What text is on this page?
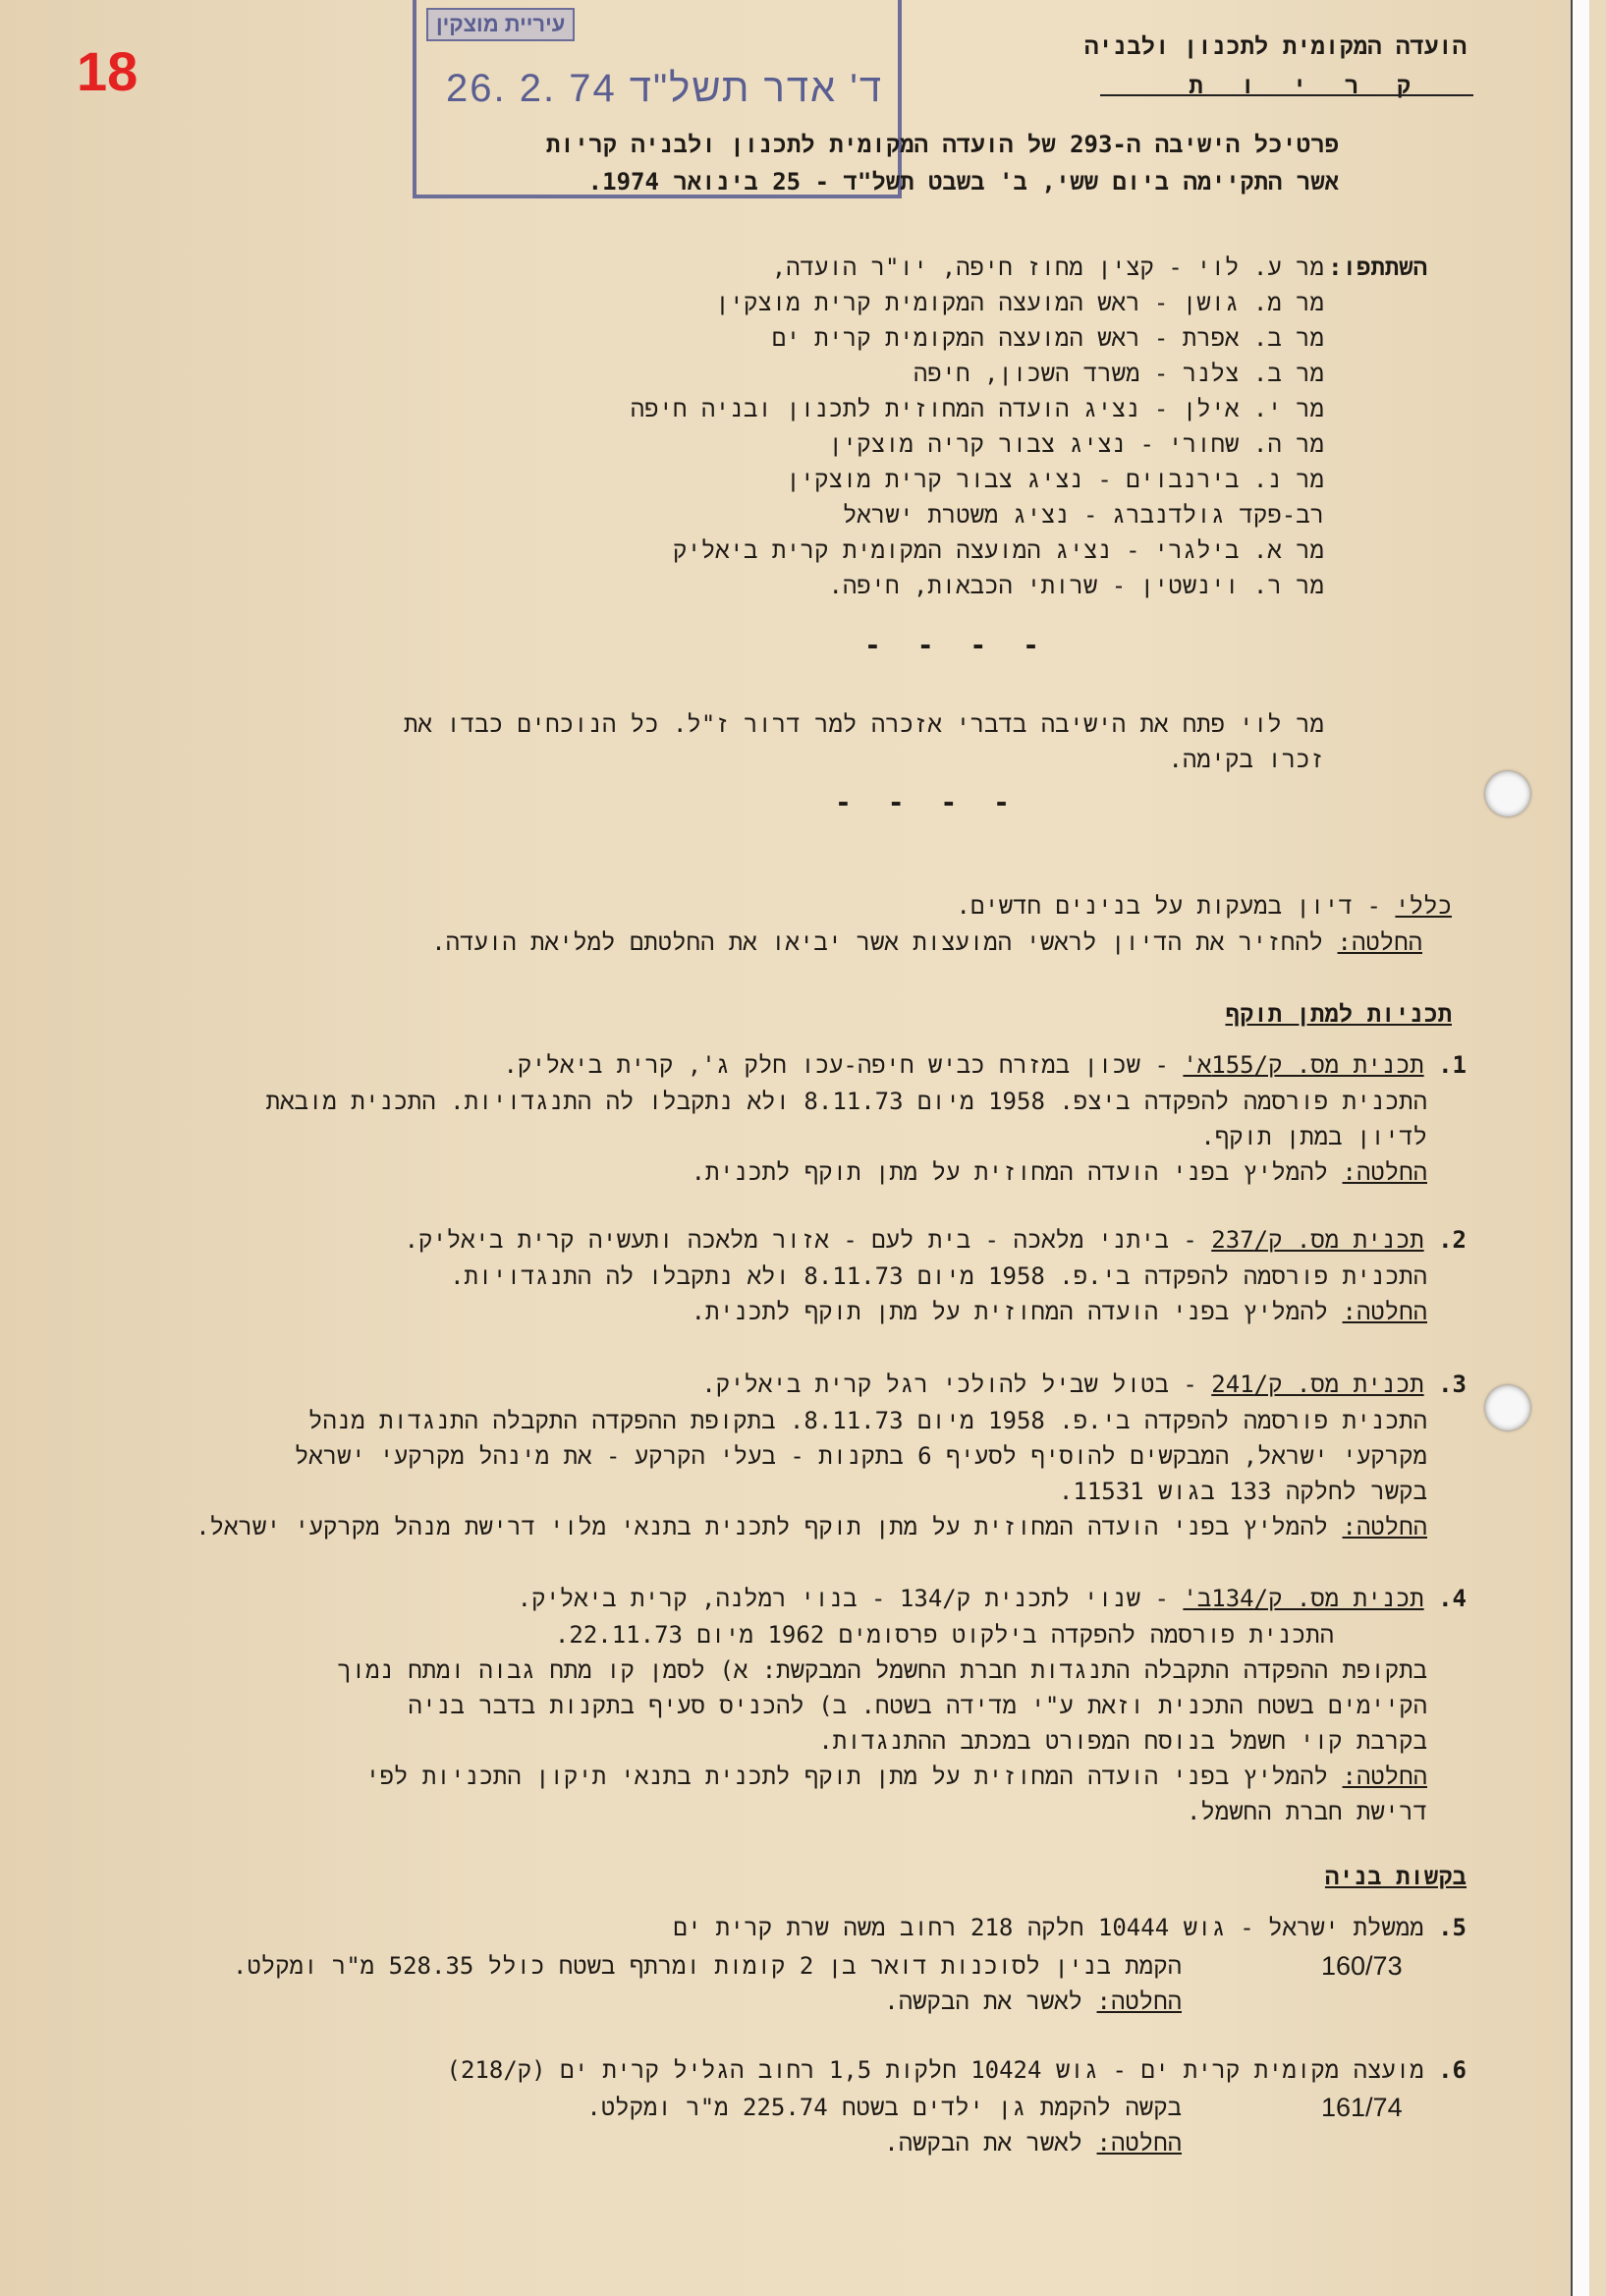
18
עיריית מוצקין
26. 2. 74 ד' אדר תשל"ד
הועדה המקומית לתכנון ולבניה
ק ר י ו ת
פרטיכל הישיבה ה-293 של הועדה המקומית לתכנון ולבניה קריות
אשר התקיימה ביום ששי, ב' בשבט תשל"ד - 25 בינואר 1974.
השתתפו:
מר ע. לוי - קצין מחוז חיפה, יו"ר הועדה,
מר מ. גושן - ראש המועצה המקומית קרית מוצקין
מר ב. אפרת - ראש המועצה המקומית קרית ים
מר ב. צלנר - משרד השכון, חיפה
מר י. אילן - נציג הועדה המחוזית לתכנון ובניה חיפה
מר ה. שחורי - נציג צבור קריה מוצקין
מר נ. בירנבוים - נציג צבור קרית מוצקין
רב-פקד גולדנברג - נציג משטרת ישראל
מר א. בילגרי - נציג המועצה המקומית קרית ביאליק
מר ר. וינשטין - שרותי הכבאות, חיפה.
- - - -
מר לוי פתח את הישיבה בדברי אזכרה למר דרור ז"ל. כל הנוכחים כבדו את
זכרו בקימה.
- - - -
כללי - דיון במעקות על בנינים חדשים.
החלטה: להחזיר את הדיון לראשי המועצות אשר יביאו את החלטתם למליאת הועדה.
תכניות למתן תוקף
1. תכנית מס. ק/155א' - שכון במזרח כביש חיפה-עכו חלק ג', קרית ביאליק.
התכנית פורסמה להפקדה ביצפ. 1958 מיום 8.11.73 ולא נתקבלו לה התנגדויות. התכנית מובאת
לדיון במתן תוקף.
החלטה: להמליץ בפני הועדה המחוזית על מתן תוקף לתכנית.
2. תכנית מס. ק/237 - ביתני מלאכה - בית לעם - אזור מלאכה ותעשיה קרית ביאליק.
התכנית פורסמה להפקדה בי.פ. 1958 מיום 8.11.73 ולא נתקבלו לה התנגדויות.
החלטה: להמליץ בפני הועדה המחוזית על מתן תוקף לתכנית.
3. תכנית מס. ק/241 - בטול שביל להולכי רגל קרית ביאליק.
התכנית פורסמה להפקדה בי.פ. 1958 מיום 8.11.73. בתקופת ההפקדה התקבלה התנגדות מנהל
מקרקעי ישראל, המבקשים להוסיף לסעיף 6 בתקנות - בעלי הקרקע - את מינהל מקרקעי ישראל
בקשר לחלקה 133 בגוש 11531.
החלטה: להמליץ בפני הועדה המחוזית על מתן תוקף לתכנית בתנאי מלוי דרישת מנהל מקרקעי ישראל.
4. תכנית מס. ק/134ב' - שנוי לתכנית ק/134 - בנוי רמלנה, קרית ביאליק.
התכנית פורסמה להפקדה בילקוט פרסומים 1962 מיום 22.11.73.
בתקופת ההפקדה התקבלה התנגדות חברת החשמל המבקשת: א) לסמן קו מתח גבוה ומתח נמוך
הקיימים בשטח התכנית וזאת ע"י מדידה בשטח. ב) להכניס סעיף בתקנות בדבר בניה
בקרבת קוי חשמל בנוסח המפורט במכתב ההתנגדות.
החלטה: להמליץ בפני הועדה המחוזית על מתן תוקף לתכנית בתנאי תיקון התכניות לפי
דרישת חברת החשמל.
בקשות בניה
5. ממשלת ישראל - גוש 10444 חלקה 218 רחוב משה שרת קרית ים
160/73
הקמת בנין לסוכנות דואר בן 2 קומות ומרתף בשטח כולל 528.35 מ"ר ומקלט.
החלטה: לאשר את הבקשה.
6. מועצה מקומית קרית ים - גוש 10424 חלקות 1,5 רחוב הגליל קרית ים (ק/218)
161/74
בקשה להקמת גן ילדים בשטח 225.74 מ"ר ומקלט.
החלטה: לאשר את הבקשה.
